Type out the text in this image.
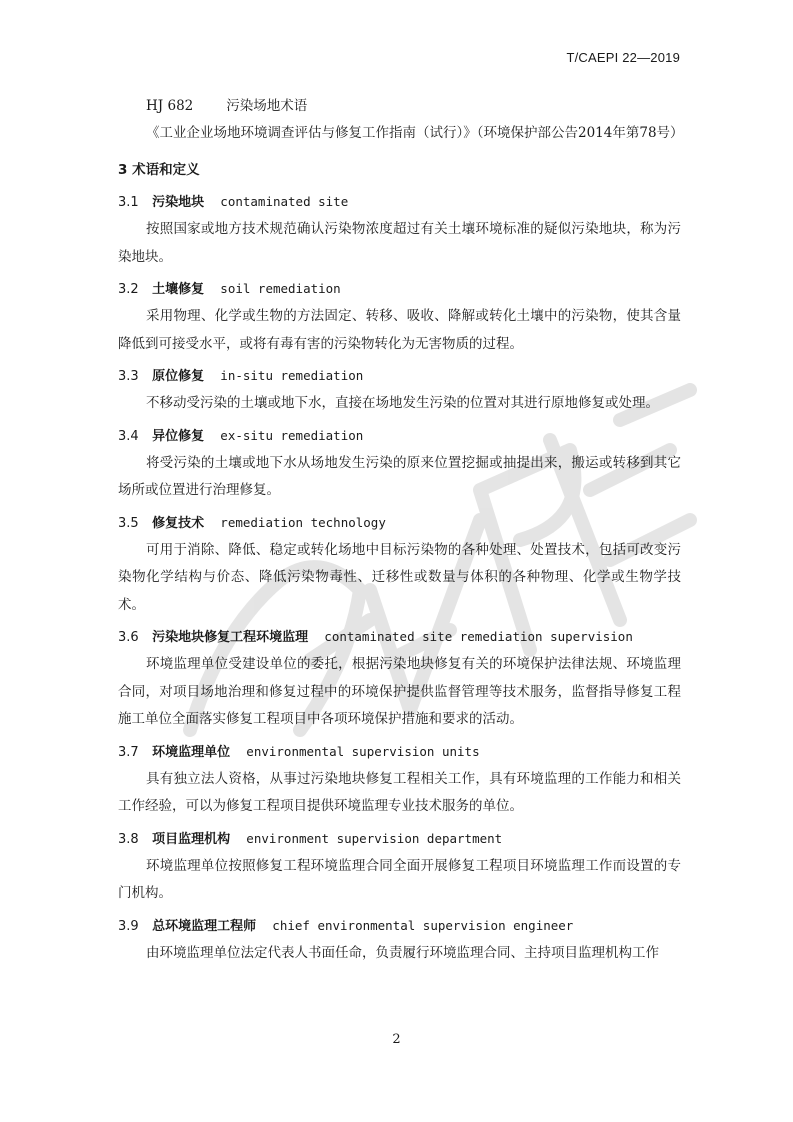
T/CAEPI 22—2019
HJ 682 污染场地术语
《工业企业场地环境调查评估与修复工作指南（试行）》（环境保护部公告2014年第78号）
3 术语和定义
3.1 污染地块 contaminated site
按照国家或地方技术规范确认污染物浓度超过有关土壤环境标准的疑似污染地块，称为污染地块。
3.2 土壤修复 soil remediation
采用物理、化学或生物的方法固定、转移、吸收、降解或转化土壤中的污染物，使其含量降低到可接受水平，或将有毒有害的污染物转化为无害物质的过程。
3.3 原位修复 in-situ remediation
不移动受污染的土壤或地下水，直接在场地发生污染的位置对其进行原地修复或处理。
3.4 异位修复 ex-situ remediation
将受污染的土壤或地下水从场地发生污染的原来位置挖掘或抽提出来，搬运或转移到其它场所或位置进行治理修复。
3.5 修复技术 remediation technology
可用于消除、降低、稳定或转化场地中目标污染物的各种处理、处置技术，包括可改变污染物化学结构与价态、降低污染物毒性、迁移性或数量与体积的各种物理、化学或生物学技术。
3.6 污染地块修复工程环境监理 contaminated site remediation supervision
环境监理单位受建设单位的委托，根据污染地块修复有关的环境保护法律法规、环境监理合同，对项目场地治理和修复过程中的环境保护提供监督管理等技术服务，监督指导修复工程施工单位全面落实修复工程项目中各项环境保护措施和要求的活动。
3.7 环境监理单位 environmental supervision units
具有独立法人资格，从事过污染地块修复工程相关工作，具有环境监理的工作能力和相关工作经验，可以为修复工程项目提供环境监理专业技术服务的单位。
3.8 项目监理机构 environment supervision department
环境监理单位按照修复工程环境监理合同全面开展修复工程项目环境监理工作而设置的专门机构。
3.9 总环境监理工程师 chief environmental supervision engineer
由环境监理单位法定代表人书面任命，负责履行环境监理合同、主持项目监理机构工作
2
